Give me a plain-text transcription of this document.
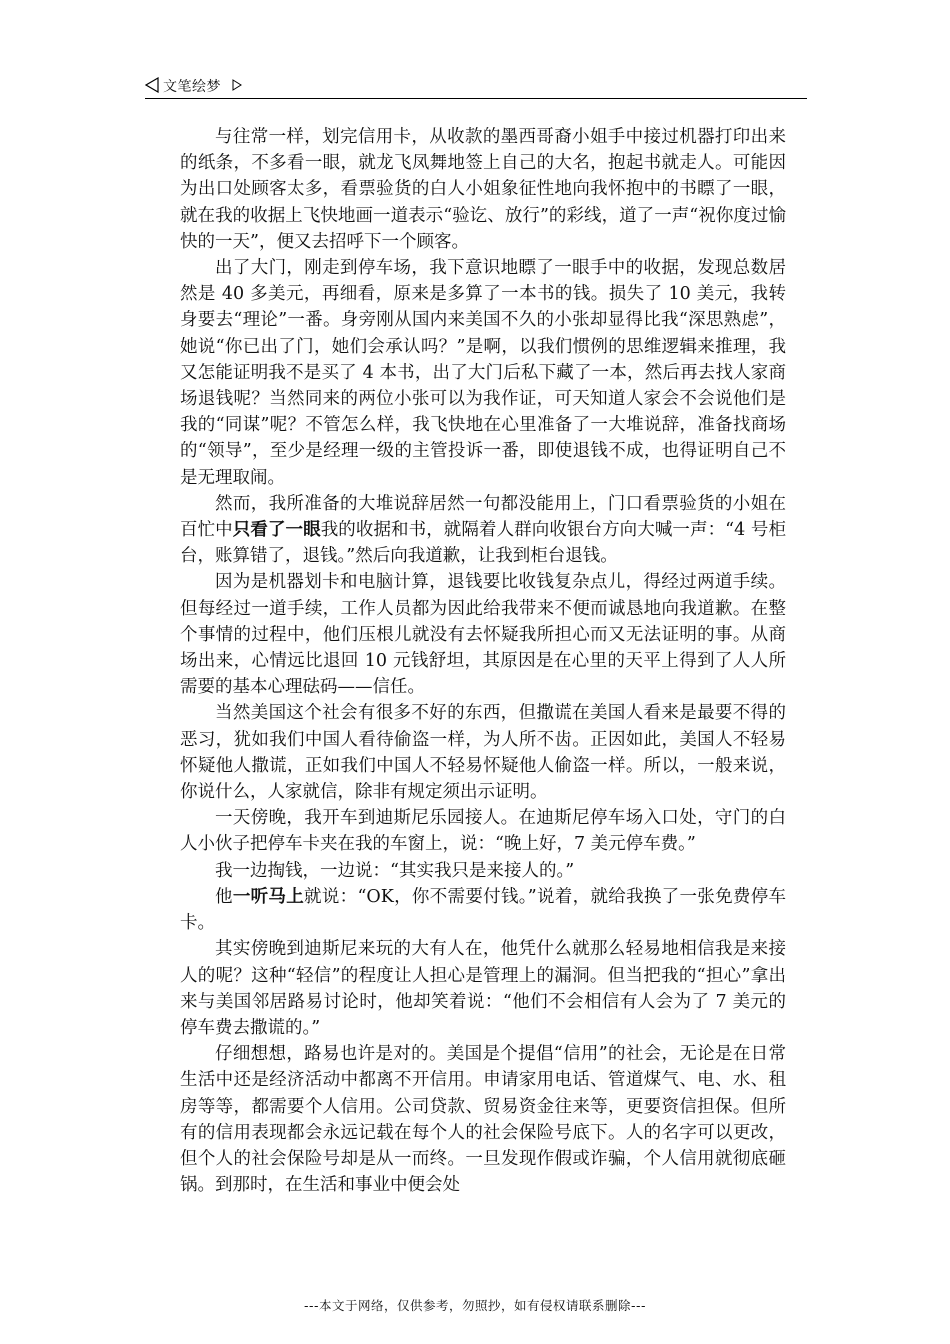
文笔绘梦

与往常一样，划完信用卡，从收款的墨西哥裔小姐手中接过机器打印出来的纸条，不多看一眼，就龙飞凤舞地签上自己的大名，抱起书就走人。可能因为出口处顾客太多，看票验货的白人小姐象征性地向我怀抱中的书瞟了一眼，就在我的收据上飞快地画一道表示“验讫、放行”的彩线，道了一声“祝你度过愉快的一天”，便又去招呼下一个顾客。

出了大门，刚走到停车场，我下意识地瞟了一眼手中的收据，发现总数居然是 40 多美元，再细看，原来是多算了一本书的钱。损失了 10 美元，我转身要去“理论”一番。身旁刚从国内来美国不久的小张却显得比我“深思熟虑”，她说“你已出了门，她们会承认吗？”是啊，以我们惯例的思维逻辑来推理，我又怎能证明我不是买了 4 本书，出了大门后私下藏了一本，然后再去找人家商场退钱呢？当然同来的两位小张可以为我作证，可天知道人家会不会说他们是我的“同谋”呢？不管怎么样，我飞快地在心里准备了一大堆说辞，准备找商场的“领导”，至少是经理一级的主管投诉一番，即使退钱不成，也得证明自己不是无理取闹。

然而，我所准备的大堆说辞居然一句都没能用上，门口看票验货的小姐在百忙中只看了一眼我的收据和书，就隔着人群向收银台方向大喊一声：“4 号柜台，账算错了，退钱。”然后向我道歉，让我到柜台退钱。

因为是机器划卡和电脑计算，退钱要比收钱复杂点儿，得经过两道手续。但每经过一道手续，工作人员都为因此给我带来不便而诚恳地向我道歉。在整个事情的过程中，他们压根儿就没有去怀疑我所担心而又无法证明的事。从商场出来，心情远比退回 10 元钱舒坦，其原因是在心里的天平上得到了人人所需要的基本心理砝码——信任。

当然美国这个社会有很多不好的东西，但撒谎在美国人看来是最要不得的恶习，犹如我们中国人看待偷盗一样，为人所不齿。正因如此，美国人不轻易怀疑他人撒谎，正如我们中国人不轻易怀疑他人偷盗一样。所以，一般来说，你说什么，人家就信，除非有规定须出示证明。

一天傍晚，我开车到迪斯尼乐园接人。在迪斯尼停车场入口处，守门的白人小伙子把停车卡夹在我的车窗上，说：“晚上好，7 美元停车费。”

我一边掏钱，一边说：“其实我只是来接人的。”

他一听马上就说：“OK，你不需要付钱。”说着，就给我换了一张免费停车卡。

其实傍晚到迪斯尼来玩的大有人在，他凭什么就那么轻易地相信我是来接人的呢？这种“轻信”的程度让人担心是管理上的漏洞。但当把我的“担心”拿出来与美国邻居路易讨论时，他却笑着说：“他们不会相信有人会为了 7 美元的停车费去撒谎的。”

仔细想想，路易也许是对的。美国是个提倡“信用”的社会，无论是在日常生活中还是经济活动中都离不开信用。申请家用电话、管道煤气、电、水、租房等等，都需要个人信用。公司贷款、贸易资金往来等，更要资信担保。但所有的信用表现都会永远记载在每个人的社会保险号底下。人的名字可以更改，但个人的社会保险号却是从一而终。一旦发现作假或诈骗，个人信用就彻底砸锅。到那时，在生活和事业中便会处

---本文于网络，仅供参考，勿照抄，如有侵权请联系删除---
